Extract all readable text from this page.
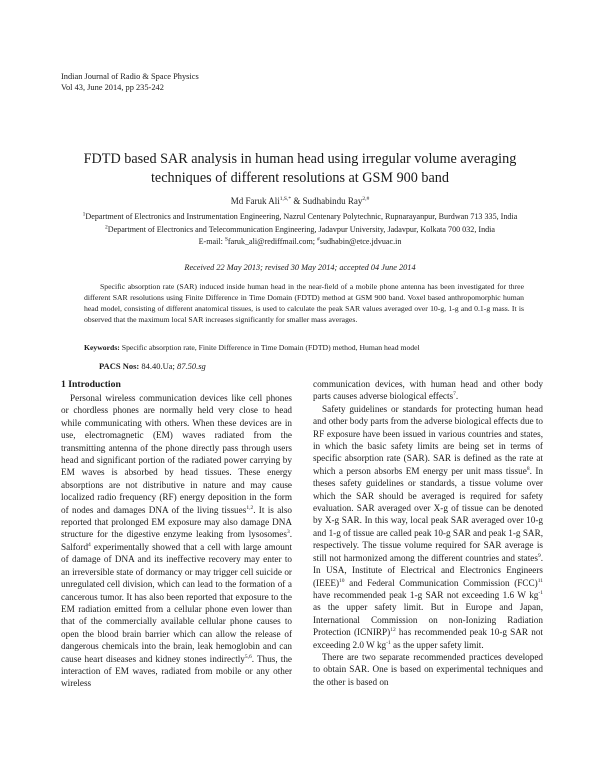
Indian Journal of Radio & Space Physics
Vol 43, June 2014, pp 235-242
FDTD based SAR analysis in human head using irregular volume averaging
techniques of different resolutions at GSM 900 band
Md Faruk Ali$^{1,S,*}$ & Sudhabindu Ray$^{2,\#}$
$^1$Department of Electronics and Instrumentation Engineering, Nazrul Centenary Polytechnic, Rupnarayanpur, Burdwan 713 335, India
$^2$Department of Electronics and Telecommunication Engineering, Jadavpur University, Jadavpur, Kolkata 700 032, India
E-mail: $^S$faruk_ali@rediffmail.com; #sudhabin@etce.jdvuac.in
Received 22 May 2013; revised 30 May 2014; accepted 04 June 2014
Specific absorption rate (SAR) induced inside human head in the near-field of a mobile phone antenna has been investigated for three different SAR resolutions using Finite Difference in Time Domain (FDTD) method at GSM 900 band. Voxel based anthropomorphic human head model, consisting of different anatomical tissues, is used to calculate the peak SAR values averaged over 10-g, 1-g and 0.1-g mass. It is observed that the maximum local SAR increases significantly for smaller mass averages.
Keywords: Specific absorption rate, Finite Difference in Time Domain (FDTD) method, Human head model
PACS Nos: 84.40.Ua; 87.50.sg
1 Introduction

Personal wireless communication devices like cell phones or chordless phones are normally held very close to head while communicating with others. When these devices are in use, electromagnetic (EM) waves radiated from the transmitting antenna of the phone directly pass through users head and significant portion of the radiated power carrying by EM waves is absorbed by head tissues. These energy absorptions are not distributive in nature and may cause localized radio frequency (RF) energy deposition in the form of nodes and damages DNA of the living tissues$^{1,2}$. It is also reported that prolonged EM exposure may also damage DNA structure for the digestive enzyme leaking from lysosomes$^3$. Salford$^4$ experimentally showed that a cell with large amount of damage of DNA and its ineffective recovery may enter to an irreversible state of dormancy or may trigger cell suicide or unregulated cell division, which can lead to the formation of a cancerous tumor. It has also been reported that exposure to the EM radiation emitted from a cellular phone even lower than that of the commercially available cellular phone causes to open the blood brain barrier which can allow the release of dangerous chemicals into the brain, leak hemoglobin and can cause heart diseases and kidney stones indirectly$^{5,6}$. Thus, the interaction of EM waves, radiated from mobile or any other wireless

communication devices, with human head and other body parts causes adverse biological effects$^7$.

Safety guidelines or standards for protecting human head and other body parts from the adverse biological effects due to RF exposure have been issued in various countries and states, in which the basic safety limits are being set in terms of specific absorption rate (SAR). SAR is defined as the rate at which a person absorbs EM energy per unit mass tissue$^8$. In theses safety guidelines or standards, a tissue volume over which the SAR should be averaged is required for safety evaluation. SAR averaged over X-g of tissue can be denoted by X-g SAR. In this way, local peak SAR averaged over 10-g and 1-g of tissue are called peak 10-g SAR and peak 1-g SAR, respectively. The tissue volume required for SAR average is still not harmonized among the different countries and states$^9$. In USA, Institute of Electrical and Electronics Engineers (IEEE)$^{10}$ and Federal Communication Commission (FCC)$^{11}$ have recommended peak 1-g SAR not exceeding 1.6 W $kg^{-1}$ as the upper safety limit. But in Europe and Japan, International Commission on non-Ionizing Radiation Protection (ICNIRP)$^{12}$ has recommended peak 10-g SAR not exceeding 2.0 W $kg^{-1}$ as the upper safety limit.

There are two separate recommended practices developed to obtain SAR. One is based on experimental techniques and the other is based on
